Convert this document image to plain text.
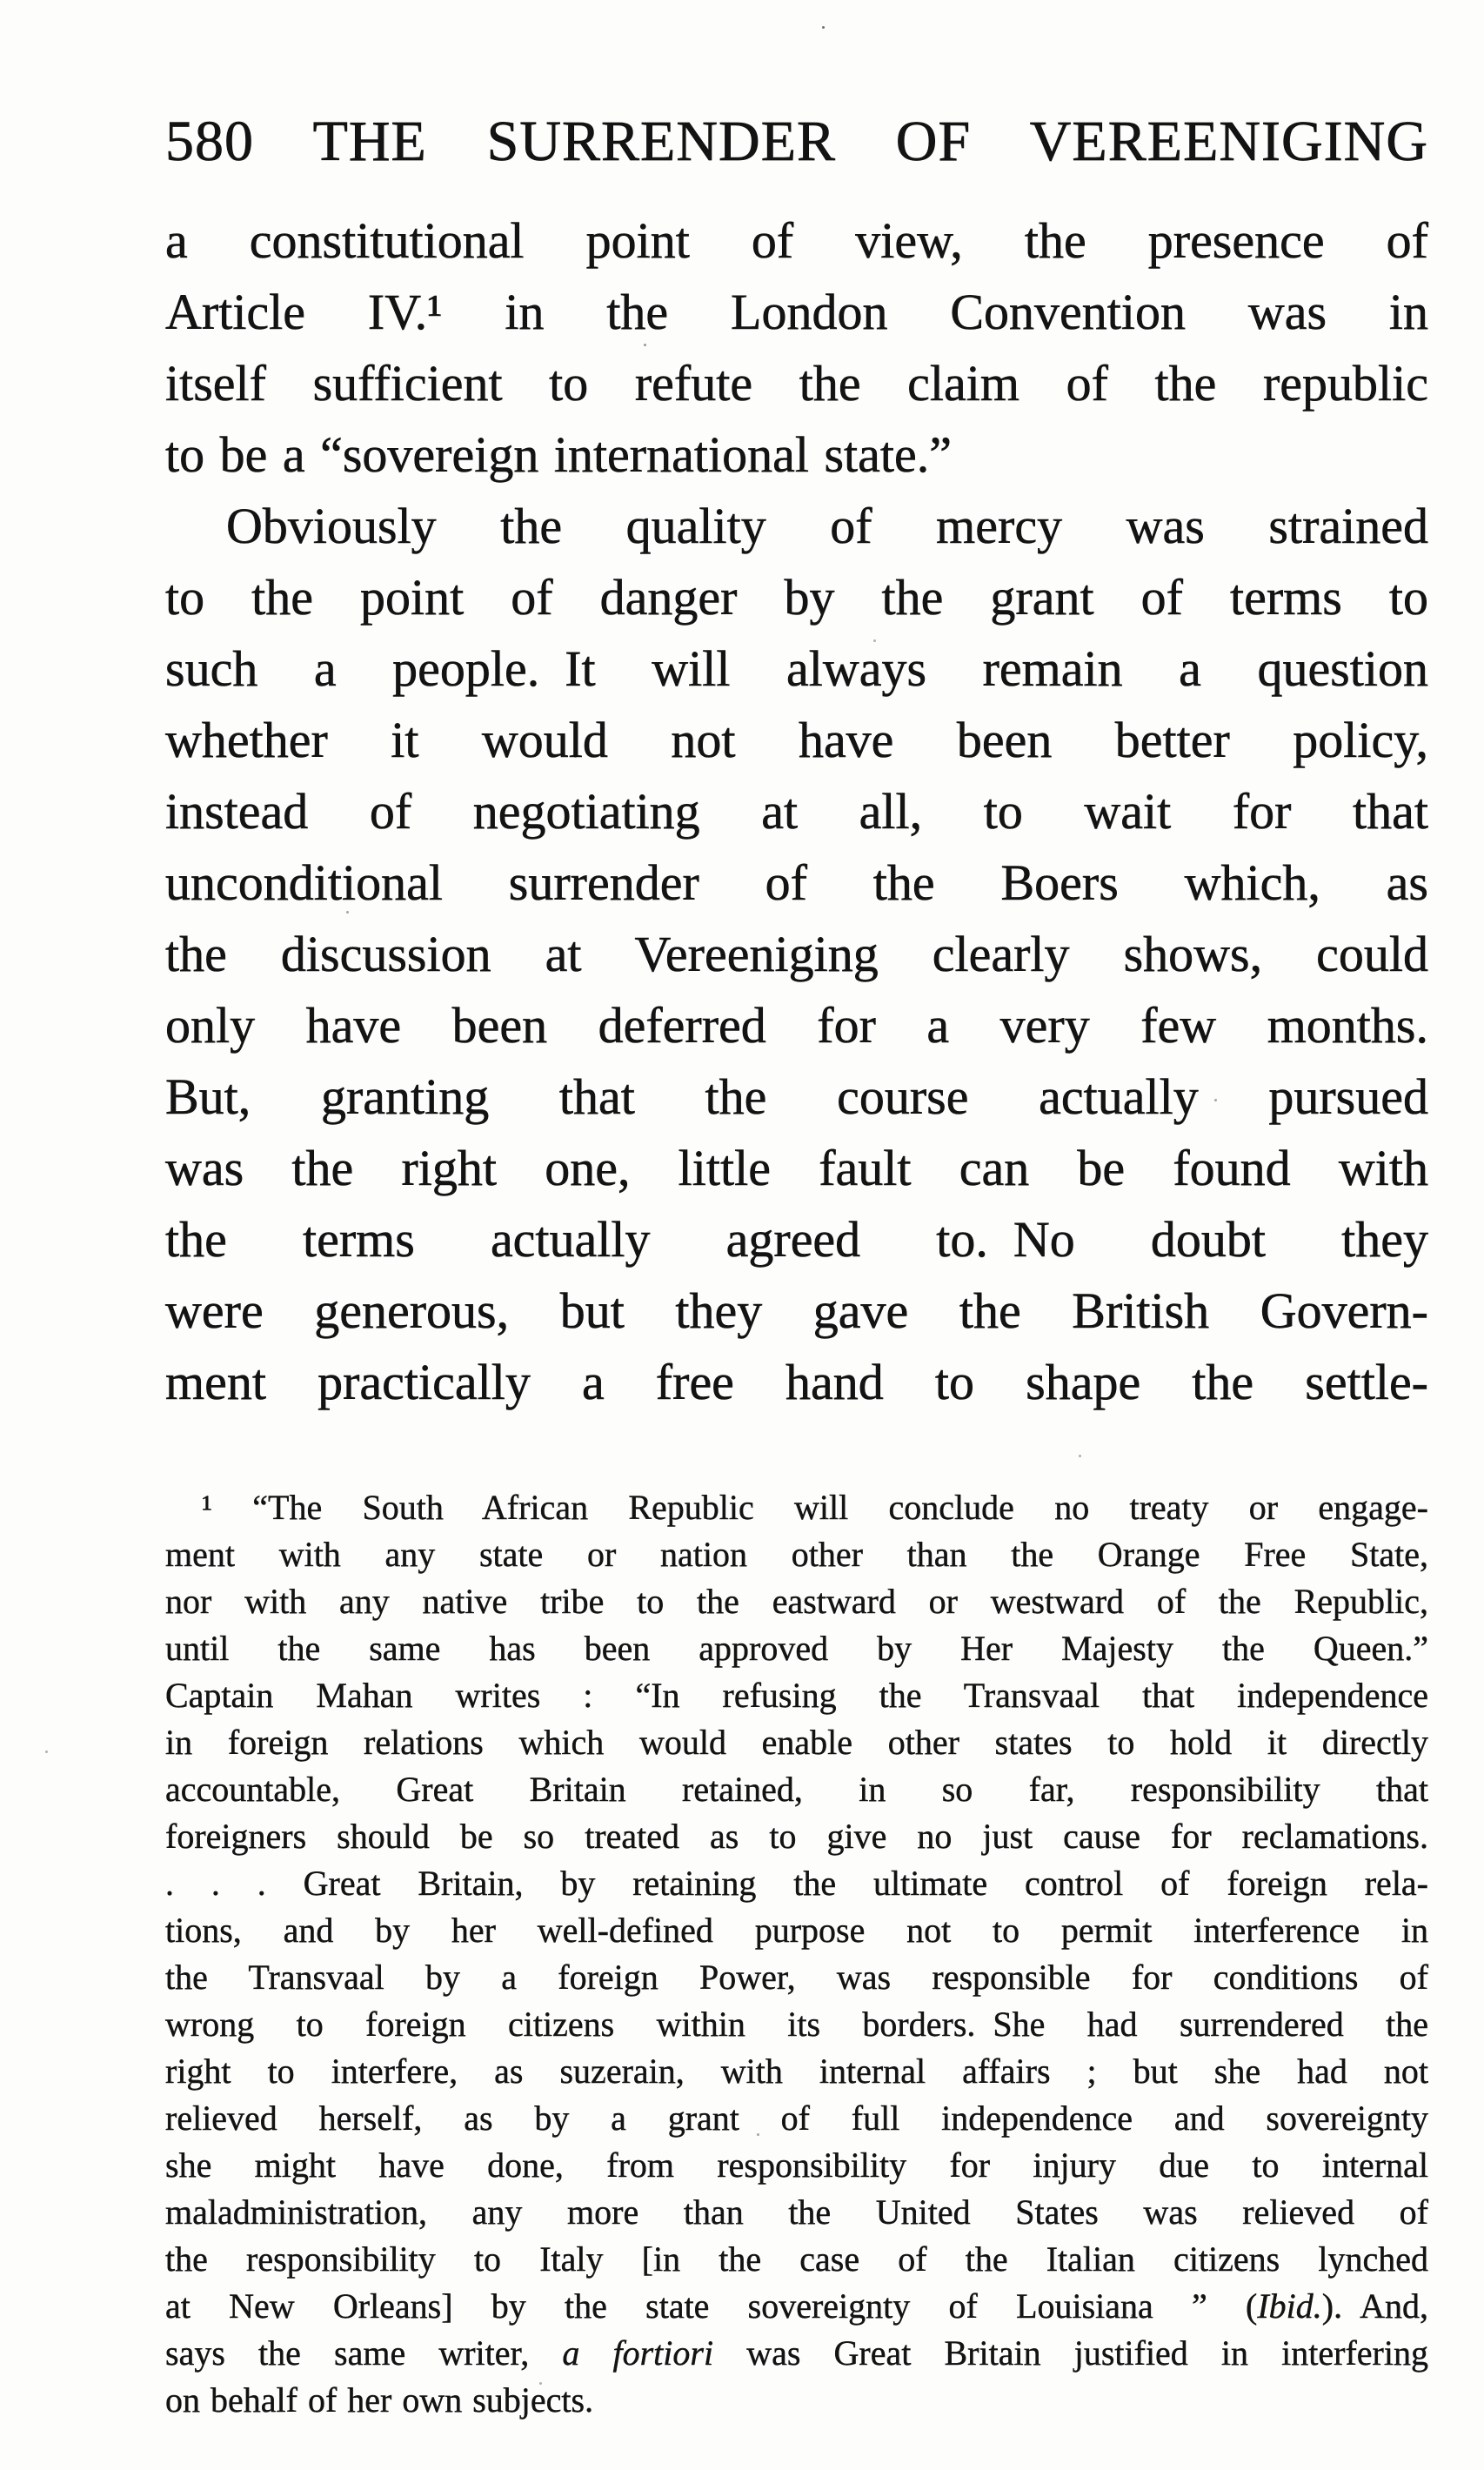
580 THE SURRENDER OF VEREENIGING
a constitutional point of view, the presence of
Article IV.¹ in the London Convention was in
itself sufficient to refute the claim of the republic
to be a “sovereign international state.”
Obviously the quality of mercy was strained
to the point of danger by the grant of terms to
such a people. It will always remain a question
whether it would not have been better policy,
instead of negotiating at all, to wait for that
unconditional surrender of the Boers which, as
the discussion at Vereeniging clearly shows, could
only have been deferred for a very few months.
But, granting that the course actually pursued
was the right one, little fault can be found with
the terms actually agreed to. No doubt they
were generous, but they gave the British Govern-
ment practically a free hand to shape the settle-
¹ “The South African Republic will conclude no treaty or engage-
ment with any state or nation other than the Orange Free State,
nor with any native tribe to the eastward or westward of the Republic,
until the same has been approved by Her Majesty the Queen.”
Captain Mahan writes : “In refusing the Transvaal that independence
in foreign relations which would enable other states to hold it directly
accountable, Great Britain retained, in so far, responsibility that
foreigners should be so treated as to give no just cause for reclamations.
. . . Great Britain, by retaining the ultimate control of foreign rela-
tions, and by her well-defined purpose not to permit interference in
the Transvaal by a foreign Power, was responsible for conditions of
wrong to foreign citizens within its borders. She had surrendered the
right to interfere, as suzerain, with internal affairs ; but she had not
relieved herself, as by a grant of full independence and sovereignty
she might have done, from responsibility for injury due to internal
maladministration, any more than the United States was relieved of
the responsibility to Italy [in the case of the Italian citizens lynched
at New Orleans] by the state sovereignty of Louisiana ” (Ibid.). And,
says the same writer, a fortiori was Great Britain justified in interfering
on behalf of her own subjects.
